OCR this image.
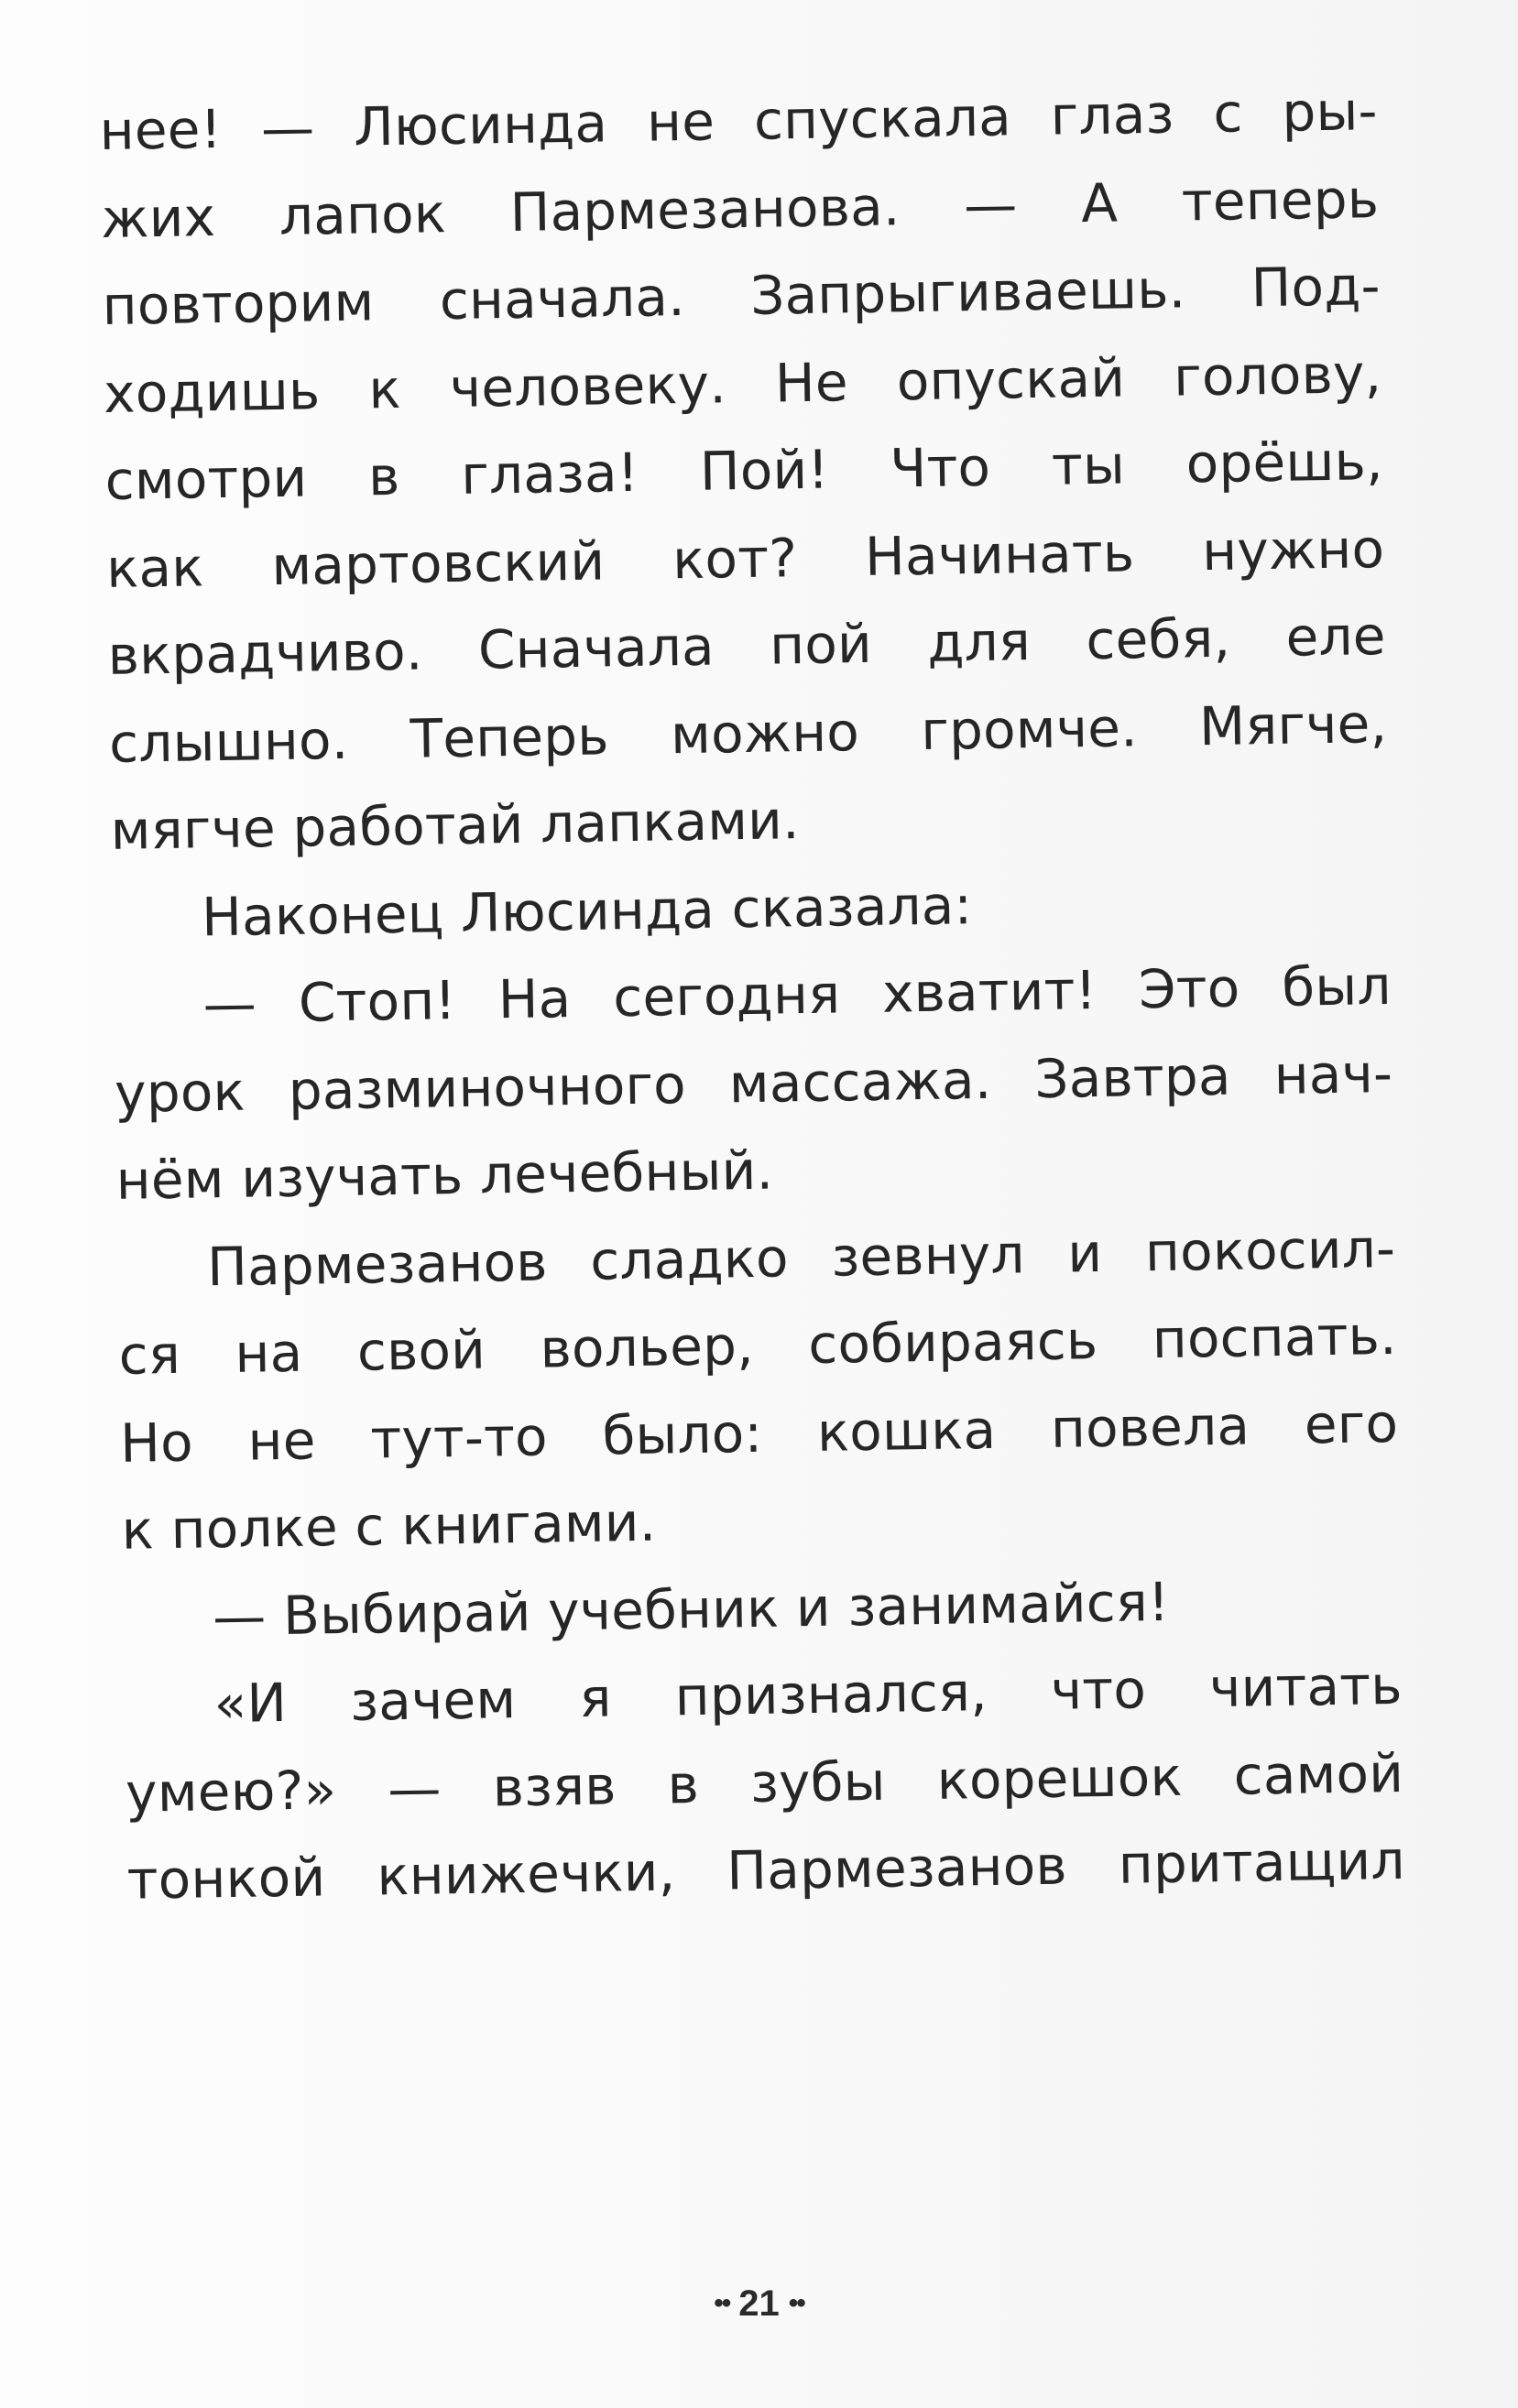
нее! — Люсинда не спускала глаз с ры-
жих лапок Пармезанова. — А теперь
повторим сначала. Запрыгиваешь. Под-
ходишь к человеку. Не опускай голову,
смотри в глаза! Пой! Что ты орёшь,
как мартовский кот? Начинать нужно
вкрадчиво. Сначала пой для себя, еле
слышно. Теперь можно громче. Мягче,
мягче работай лапками.
Наконец Люсинда сказала:
— Стоп! На сегодня хватит! Это был
урок разминочного массажа. Завтра нач-
нём изучать лечебный.
Пармезанов сладко зевнул и покосил-
ся на свой вольер, собираясь поспать.
Но не тут-то было: кошка повела его
к полке с книгами.
— Выбирай учебник и занимайся!
«И зачем я признался, что читать
умею?» — взяв в зубы корешок самой
тонкой книжечки, Пармезанов притащил
•• 21 ••
